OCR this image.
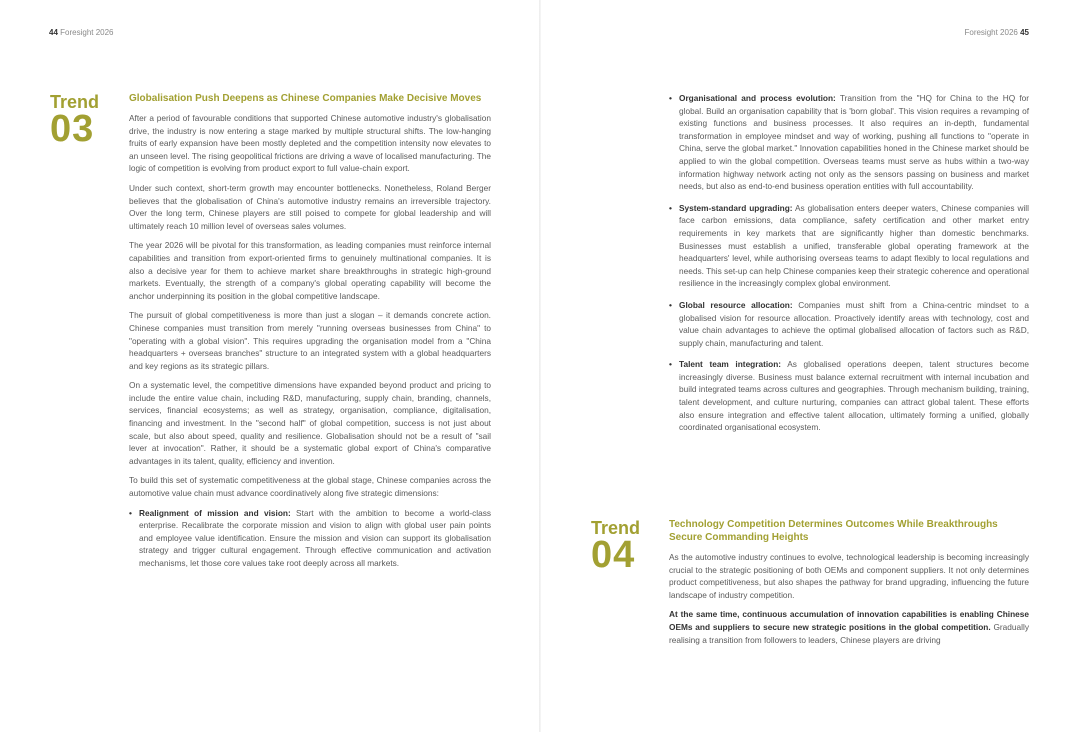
44 Foresight 2026	Foresight 2026 45
Trend
03
Globalisation Push Deepens as Chinese Companies Make Decisive Moves

After a period of favourable conditions that supported Chinese automotive industry's globalisation drive, the industry is now entering a stage marked by multiple structural shifts. The low-hanging fruits of early expansion have been mostly depleted and the competition intensity now elevates to an unseen level. The rising geopolitical frictions are driving a wave of localised manufacturing. The logic of competition is evolving from product export to full value-chain export.

Under such context, short-term growth may encounter bottlenecks. Nonetheless, Roland Berger believes that the globalisation of China's automotive industry remains an irreversible trajectory. Over the long term, Chinese players are still poised to compete for global leadership and will ultimately reach 10 million level of overseas sales volumes.

The year 2026 will be pivotal for this transformation, as leading companies must reinforce internal capabilities and transition from export-oriented firms to genuinely multinational companies. It is also a decisive year for them to achieve market share breakthroughs in strategic high-ground markets. Eventually, the strength of a company's global operating capability will become the anchor underpinning its position in the global competitive landscape.

The pursuit of global competitiveness is more than just a slogan – it demands concrete action. Chinese companies must transition from merely "running overseas businesses from China" to "operating with a global vision". This requires upgrading the organisation model from a "China headquarters + overseas branches" structure to an integrated system with a global headquarters and key regions as its strategic pillars.

On a systematic level, the competitive dimensions have expanded beyond product and pricing to include the entire value chain, including R&D, manufacturing, supply chain, branding, channels, services, financial ecosystems; as well as strategy, organisation, compliance, digitalisation, financing and investment. In the "second half" of global competition, success is not just about scale, but also about speed, quality and resilience. Globalisation should not be a result of "sail lever at invocation". Rather, it should be a systematic global export of China's comparative advantages in its talent, quality, efficiency and invention.

To build this set of systematic competitiveness at the global stage, Chinese companies across the automotive value chain must advance coordinatively along five strategic dimensions:

• Realignment of mission and vision: Start with the ambition to become a world-class enterprise. Recalibrate the corporate mission and vision to align with global user pain points and employee value identification. Ensure the mission and vision can support its globalisation strategy and trigger cultural engagement. Through effective communication and activation mechanisms, let those core values take root deeply across all markets.
• Organisational and process evolution: Transition from the "HQ for China to the HQ for global. Build an organisation capability that is 'born global'. This vision requires a revamping of existing functions and business processes. It also requires an in-depth, fundamental transformation in employee mindset and way of working, pushing all functions to "operate in China, serve the global market." Innovation capabilities honed in the Chinese market should be applied to win the global competition. Overseas teams must serve as hubs within a two-way information highway network acting not only as the sensors passing on business and market needs, but also as end-to-end business operation entities with full accountability.
• System-standard upgrading: As globalisation enters deeper waters, Chinese companies will face carbon emissions, data compliance, safety certification and other market entry requirements in key markets that are significantly higher than domestic benchmarks. Businesses must establish a unified, transferable global operating framework at the headquarters' level, while authorising overseas teams to adapt flexibly to local regulations and needs. This set-up can help Chinese companies keep their strategic coherence and operational resilience in the increasingly complex global environment.
• Global resource allocation: Companies must shift from a China-centric mindset to a globalised vision for resource allocation. Proactively identify areas with technology, cost and value chain advantages to achieve the optimal globalised allocation of factors such as R&D, supply chain, manufacturing and talent.
• Talent team integration: As globalised operations deepen, talent structures become increasingly diverse. Business must balance external recruitment with internal incubation and build integrated teams across cultures and geographies. Through mechanism building, training, talent development, and culture nurturing, companies can attract global talent. These efforts also ensure integration and effective talent allocation, ultimately forming a unified, globally coordinated organisational ecosystem.
Trend
04
Technology Competition Determines Outcomes While Breakthroughs Secure Commanding Heights

As the automotive industry continues to evolve, technological leadership is becoming increasingly crucial to the strategic positioning of both OEMs and component suppliers. It not only determines product competitiveness, but also shapes the pathway for brand upgrading, influencing the future landscape of industry competition.

At the same time, continuous accumulation of innovation capabilities is enabling Chinese OEMs and suppliers to secure new strategic positions in the global competition. Gradually realising a transition from followers to leaders, Chinese players are driving
